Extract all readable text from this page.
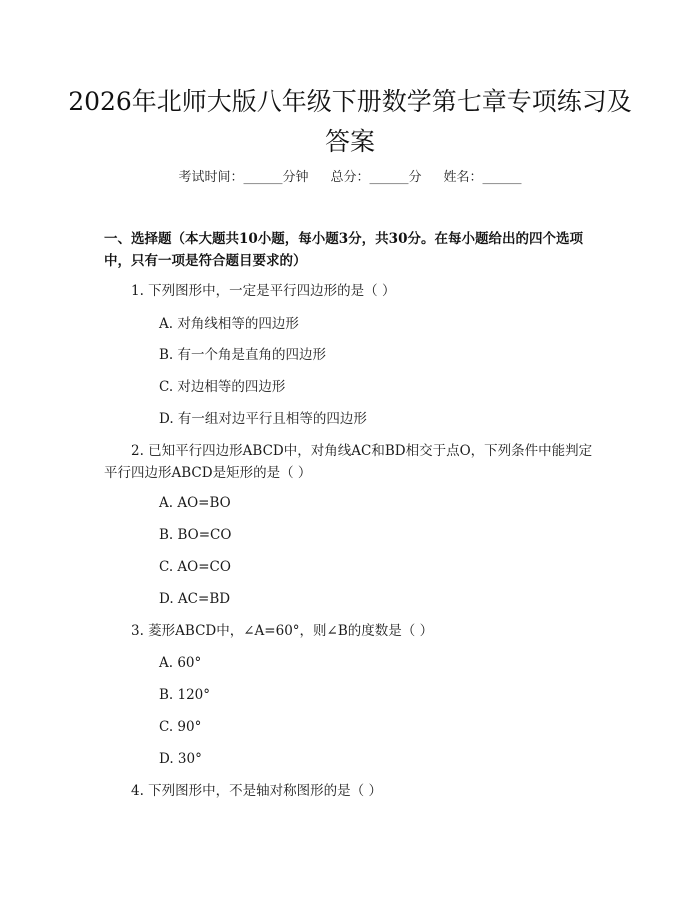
2026年北师大版八年级下册数学第七章专项练习及答案
考试时间：______分钟 总分：______分 姓名：______
一、选择题（本大题共10小题，每小题3分，共30分。在每小题给出的四个选项中，只有一项是符合题目要求的）
1. 下列图形中，一定是平行四边形的是（ ）
A. 对角线相等的四边形
B. 有一个角是直角的四边形
C. 对边相等的四边形
D. 有一组对边平行且相等的四边形
2. 已知平行四边形ABCD中，对角线AC和BD相交于点O，下列条件中能判定平行四边形ABCD是矩形的是（ ）
A. AO=BO
B. BO=CO
C. AO=CO
D. AC=BD
3. 菱形ABCD中，∠A=60°，则∠B的度数是（ ）
A. 60°
B. 120°
C. 90°
D. 30°
4. 下列图形中，不是轴对称图形的是（ ）
